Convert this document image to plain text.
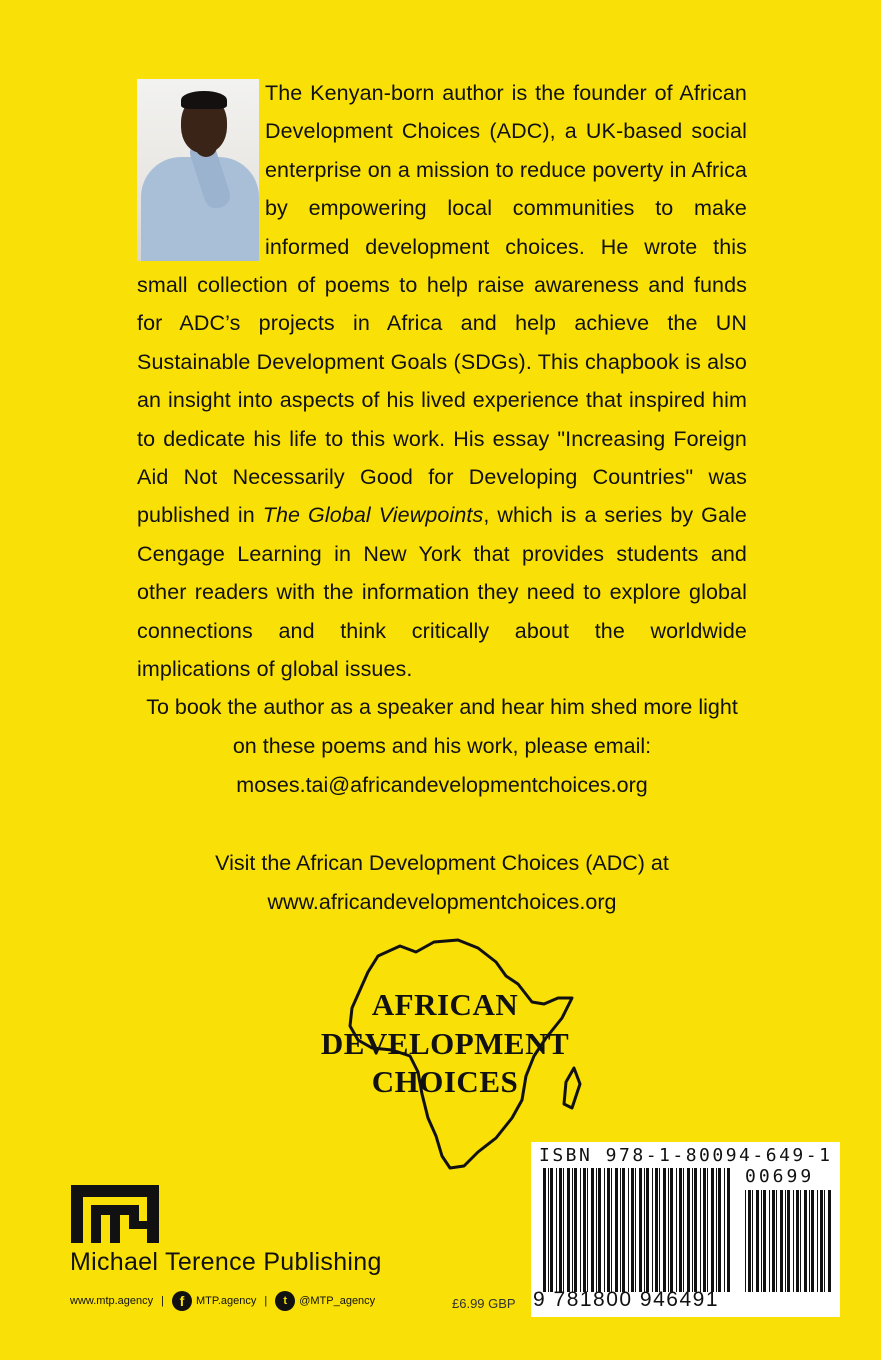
The Kenyan-born author is the founder of African Development Choices (ADC), a UK-based social enterprise on a mission to reduce poverty in Africa by empowering local communities to make informed development choices. He wrote this small collection of poems to help raise awareness and funds for ADC’s projects in Africa and help achieve the UN Sustainable Development Goals (SDGs). This chapbook is also an insight into aspects of his lived experience that inspired him to dedicate his life to this work. His essay "Increasing Foreign Aid Not Necessarily Good for Developing Countries" was published in The Global Viewpoints, which is a series by Gale Cengage Learning in New York that provides students and other readers with the information they need to explore global connections and think critically about the worldwide implications of global issues.
To book the author as a speaker and hear him shed more light
on these poems and his work, please email:
moses.tai@africandevelopmentchoices.org
Visit the African Development Choices (ADC) at
www.africandevelopmentchoices.org
AFRICAN
DEVELOPMENT
CHOICES
Michael Terence Publishing
www.mtp.agency |	f	MTP.agency |	t	@MTP_agency	£6.99 GBP
ISBN 978-1-80094-649-1
00699
9 781800 946491
